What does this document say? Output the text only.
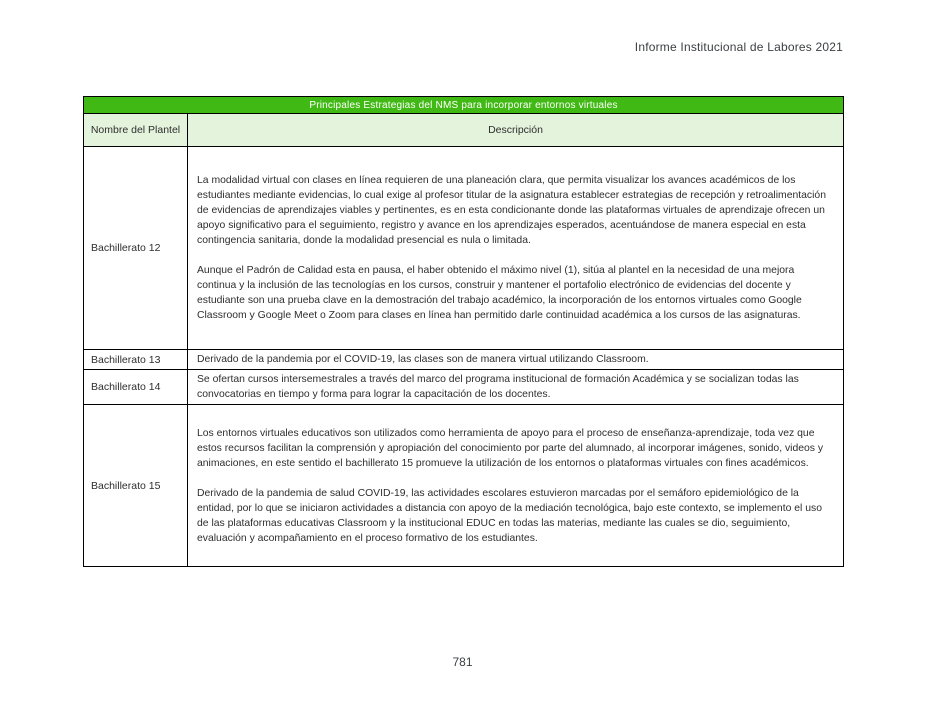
Informe Institucional de Labores 2021
Principales Estrategias del NMS para incorporar entornos virtuales	
Nombre del Plantel	Descripción
Bachillerato 12	La modalidad virtual con clases en línea requieren de una planeación clara, que permita visualizar los avances académicos de los estudiantes mediante evidencias, lo cual exige al profesor titular de la asignatura establecer estrategias de recepción y retroalimentación de evidencias de aprendizajes viables y pertinentes, es en esta condicionante donde las plataformas virtuales de aprendizaje ofrecen un apoyo significativo para el seguimiento, registro y avance en los aprendizajes esperados, acentuándose de manera especial en esta contingencia sanitaria, donde la modalidad presencial es nula o limitada.

Aunque el Padrón de Calidad esta en pausa, el haber obtenido el máximo nivel (1), sitúa al plantel en la necesidad de una mejora continua y la inclusión de las tecnologías en los cursos, construir y mantener el portafolio electrónico de evidencias del docente y estudiante son una prueba clave en la demostración del trabajo académico, la incorporación de los entornos virtuales como Google Classroom y Google Meet o Zoom para clases en línea han permitido darle continuidad académica a los cursos de las asignaturas.

Bachillerato 13	Derivado de la pandemia por el COVID-19, las clases son de manera virtual utilizando Classroom.

Bachillerato 14	Se ofertan cursos intersemestrales a través del marco del programa institucional de formación Académica y se socializan todas las convocatorias en tiempo y forma para lograr la capacitación de los docentes.

Bachillerato 15	Los entornos virtuales educativos son utilizados como herramienta de apoyo para el proceso de enseñanza-aprendizaje, toda vez que estos recursos facilitan la comprensión y apropiación del conocimiento por parte del alumnado, al incorporar imágenes, sonido, videos y animaciones, en este sentido el bachillerato 15 promueve la utilización de los entornos o plataformas virtuales con fines académicos.

Derivado de la pandemia de salud COVID-19, las actividades escolares estuvieron marcadas por el semáforo epidemiológico de la entidad, por lo que se iniciaron actividades a distancia con apoyo de la mediación tecnológica, bajo este contexto, se implemento el uso de las plataformas educativas Classroom y la institucional EDUC en todas las materias, mediante las cuales se dio, seguimiento, evaluación y acompañamiento en el proceso formativo de los estudiantes.

781
